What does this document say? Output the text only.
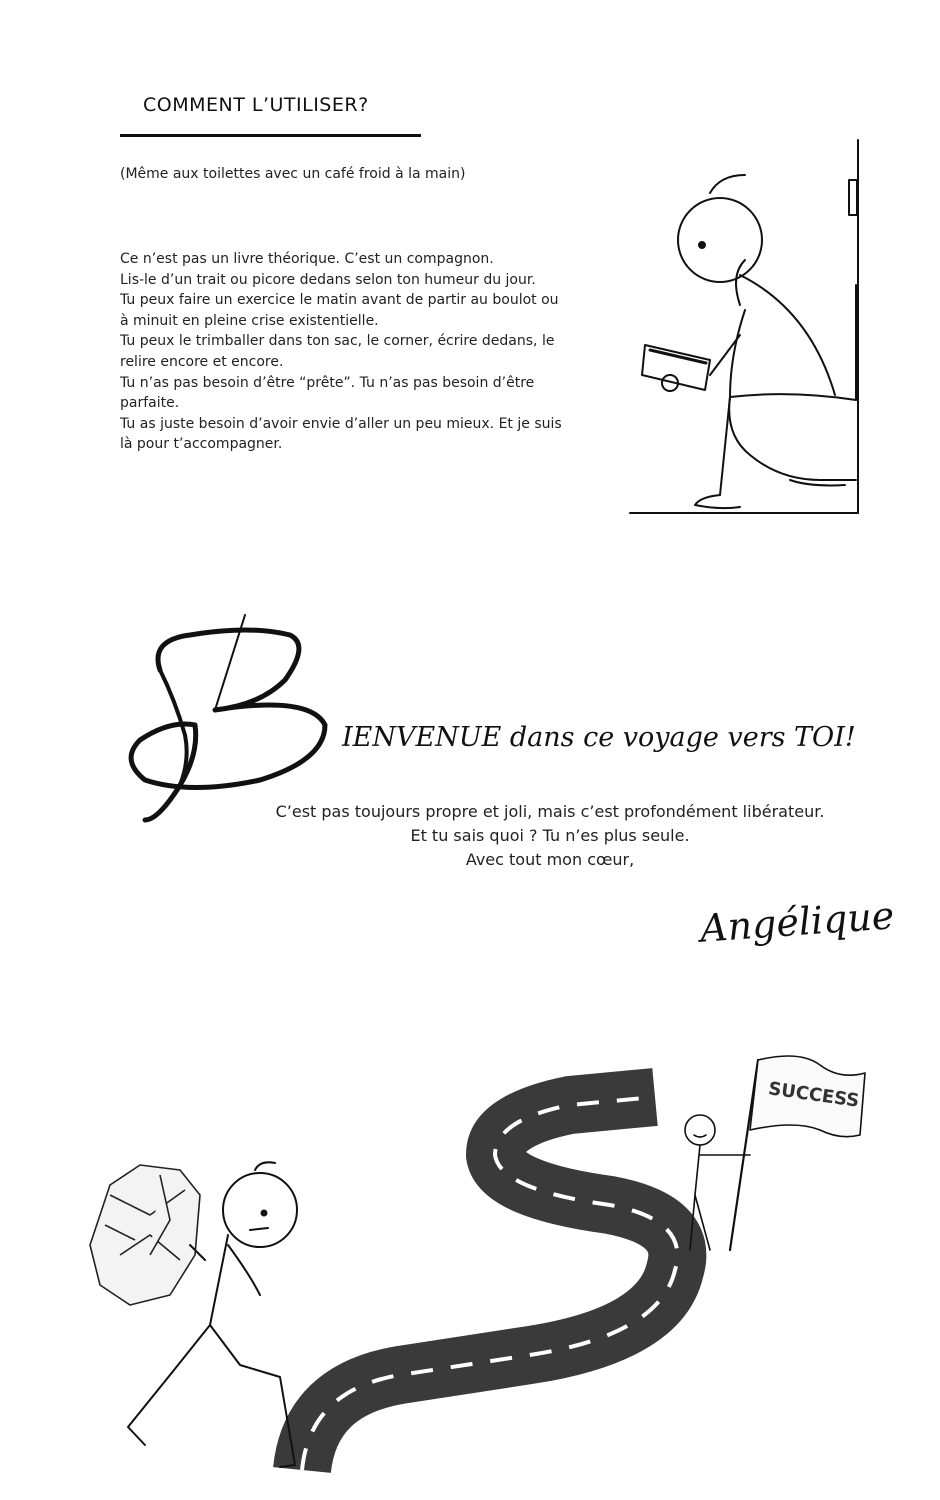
COMMENT L’UTILISER?
(Même aux toilettes avec un café froid à la main)

Ce n’est pas un livre théorique. C’est un compagnon.

Lis-le d’un trait ou picore dedans selon ton humeur du jour.

Tu peux faire un exercice le matin avant de partir au boulot ou à minuit en pleine crise existentielle.

Tu peux le trimballer dans ton sac, le corner, écrire dedans, le relire encore et encore.

Tu n’as pas besoin d’être “prête”. Tu n’as pas besoin d’être parfaite.

Tu as juste besoin d’avoir envie d’aller un peu mieux. Et je suis là pour t’accompagner.

IENVENUE dans ce voyage vers TOI!

C’est pas toujours propre et joli, mais c’est profondément libérateur.

Et tu sais quoi ? Tu n’es plus seule.

Avec tout mon cœur,

Angélique
SUCCESS
